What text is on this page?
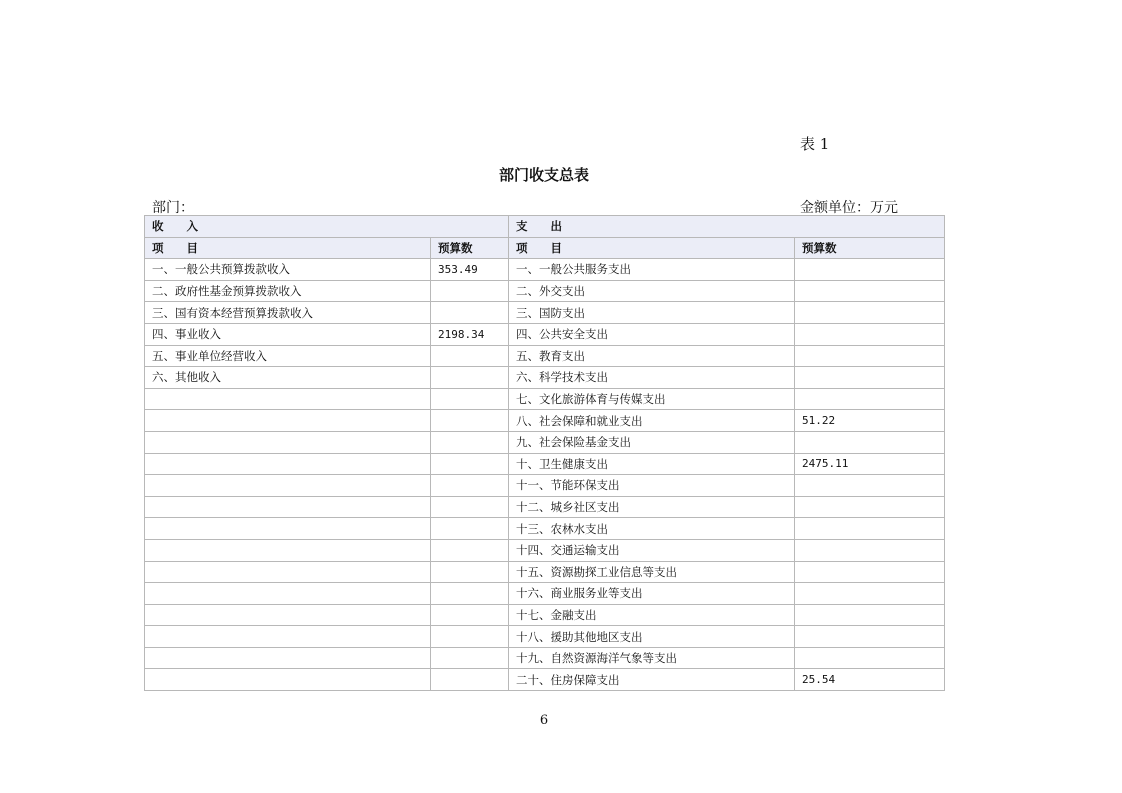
表 1
部门收支总表
部门：	金额单位：万元
收　　入		支　　出	
项　　目	预算数	项　　目	预算数
一、一般公共预算拨款收入	353.49	一、一般公共服务支出	
二、政府性基金预算拨款收入		二、外交支出	
三、国有资本经营预算拨款收入		三、国防支出	
四、事业收入	2198.34	四、公共安全支出	
五、事业单位经营收入		五、教育支出	
六、其他收入		六、科学技术支出	
		七、文化旅游体育与传媒支出	
		八、社会保障和就业支出	51.22
		九、社会保险基金支出	
		十、卫生健康支出	2475.11
		十一、节能环保支出	
		十二、城乡社区支出	
		十三、农林水支出	
		十四、交通运输支出	
		十五、资源勘探工业信息等支出	
		十六、商业服务业等支出	
		十七、金融支出	
		十八、援助其他地区支出	
		十九、自然资源海洋气象等支出	
		二十、住房保障支出	25.54
6
